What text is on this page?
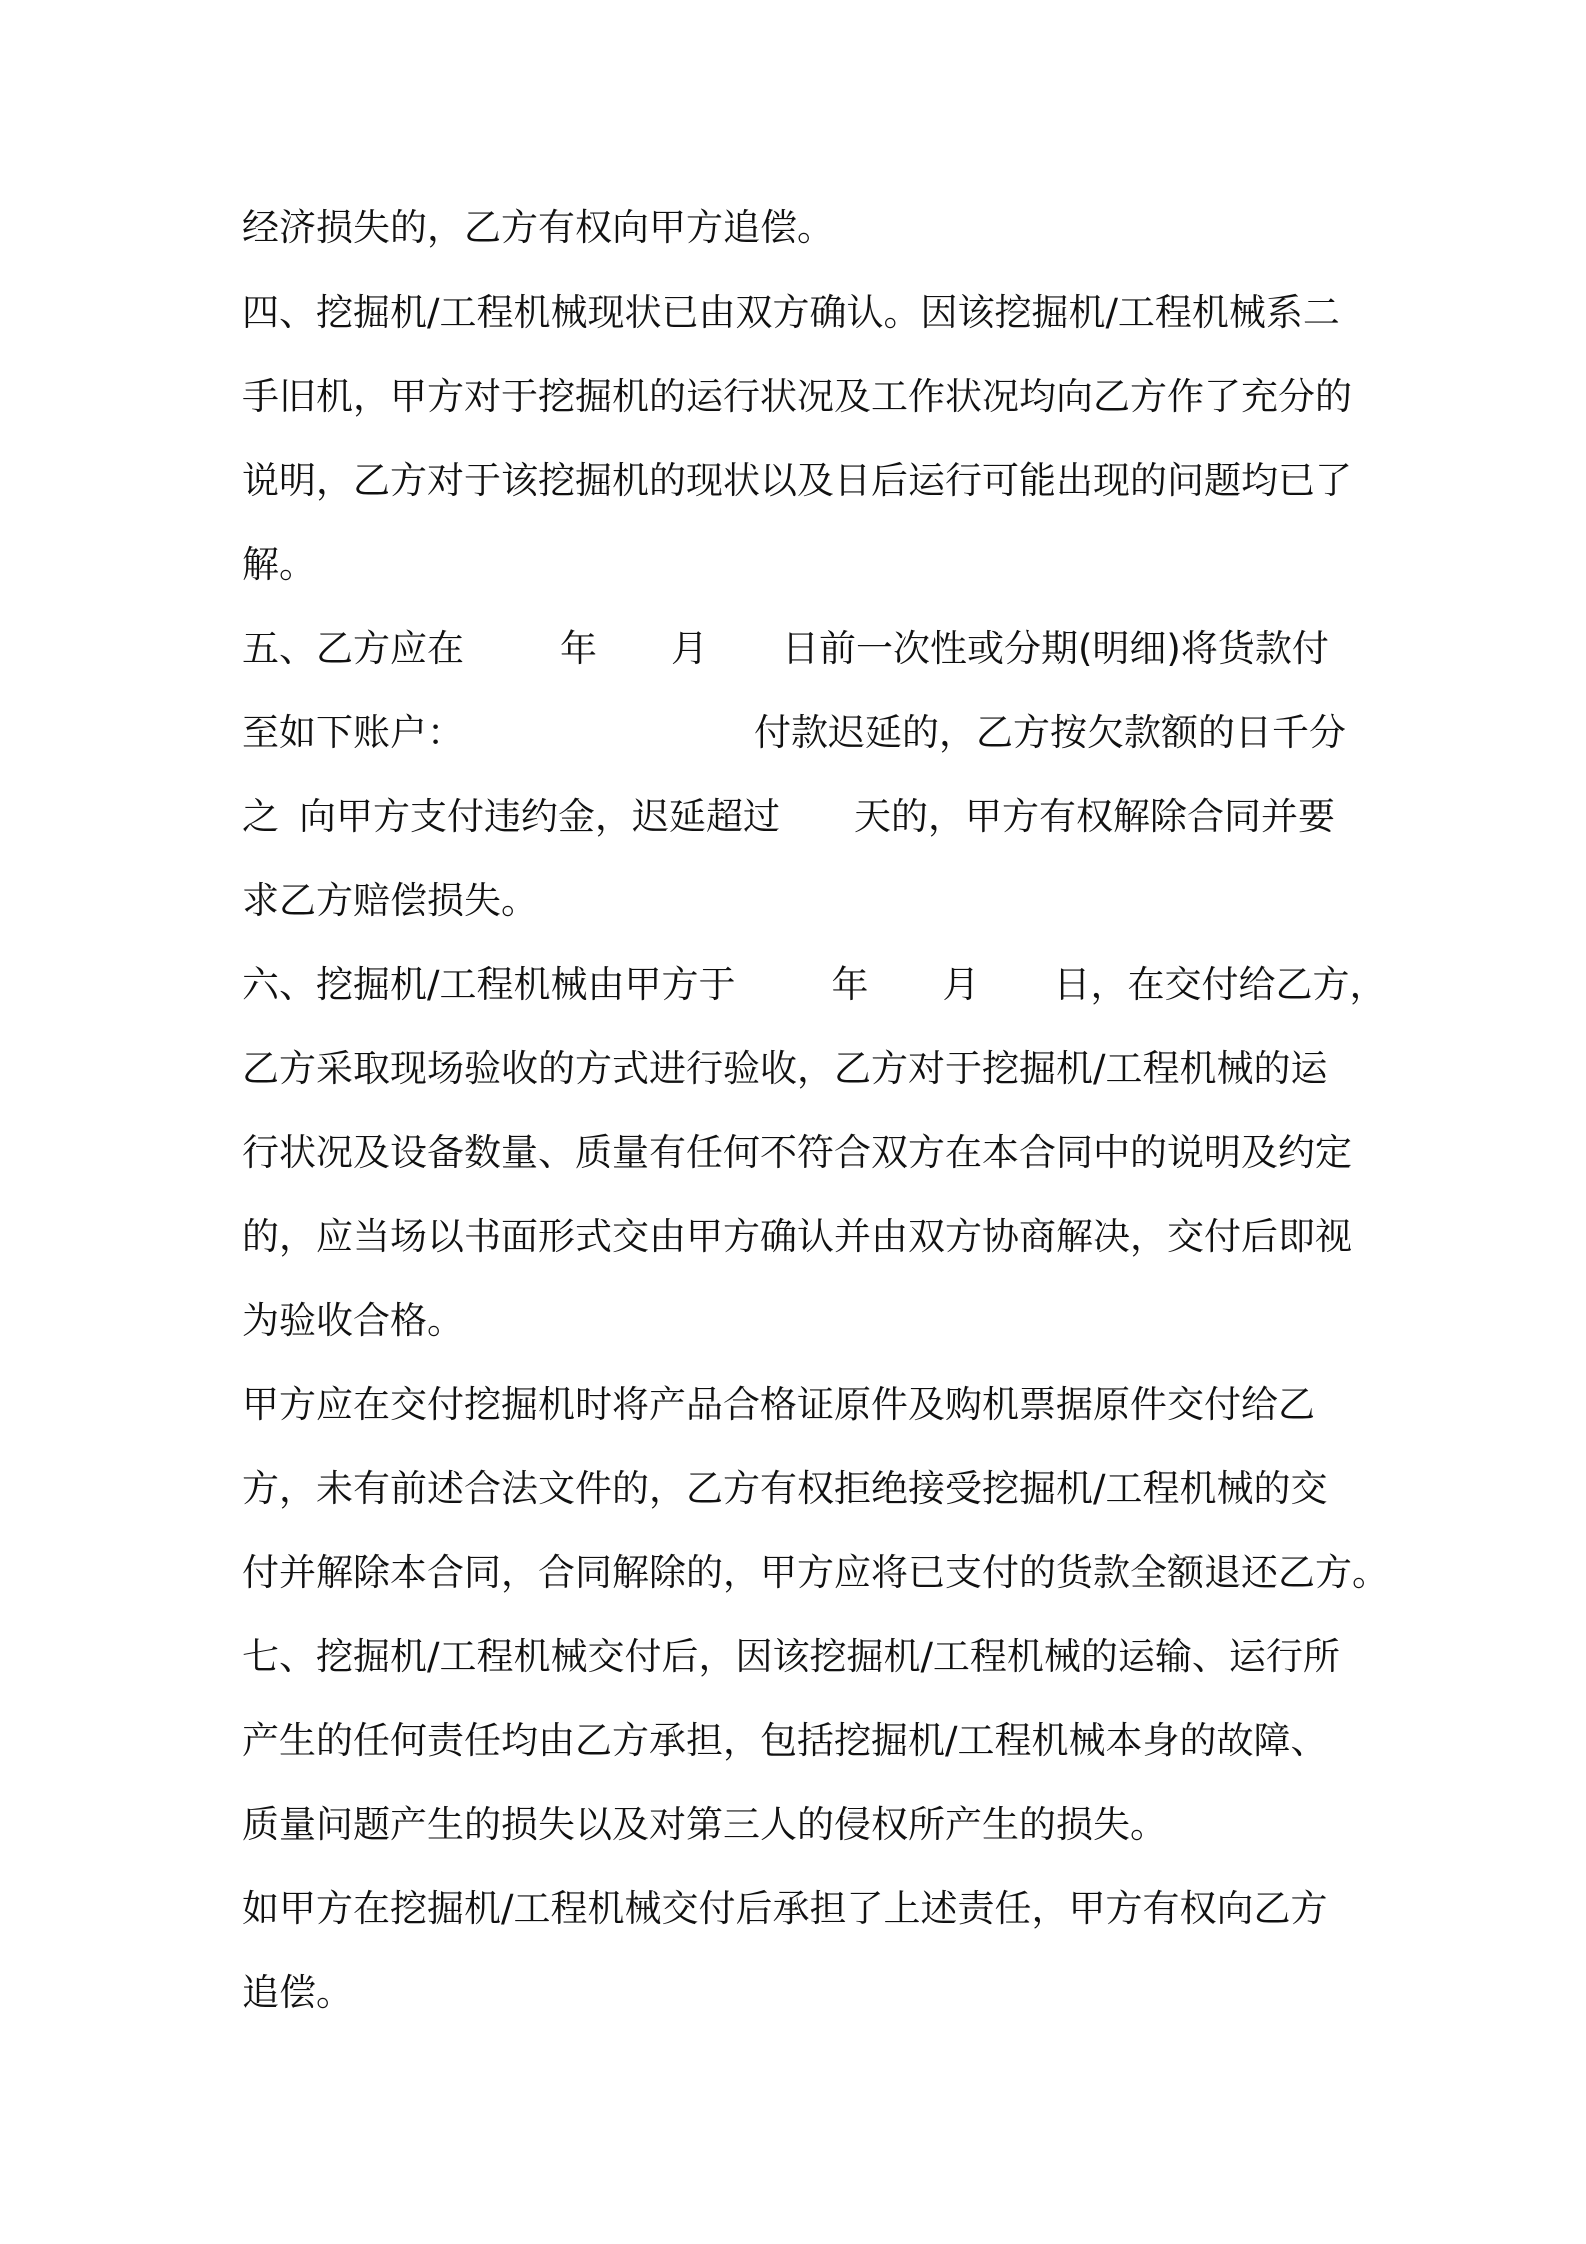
经济损失的，乙方有权向甲方追偿。
四、挖掘机/工程机械现状已由双方确认。因该挖掘机/工程机械系二
手旧机，甲方对于挖掘机的运行状况及工作状况均向乙方作了充分的
说明，乙方对于该挖掘机的现状以及日后运行可能出现的问题均已了
解。
五、乙方应在	年 月 日前一次性或分期(明细)将货款付
至如下账户：	付款迟延的，乙方按欠款额的日千分
之 向甲方支付违约金，迟延超过 天的，甲方有权解除合同并要
求乙方赔偿损失。
六、挖掘机/工程机械由甲方于	年 月 日，在交付给乙方，
乙方采取现场验收的方式进行验收，乙方对于挖掘机/工程机械的运
行状况及设备数量、质量有任何不符合双方在本合同中的说明及约定
的，应当场以书面形式交由甲方确认并由双方协商解决，交付后即视
为验收合格。
甲方应在交付挖掘机时将产品合格证原件及购机票据原件交付给乙
方，未有前述合法文件的，乙方有权拒绝接受挖掘机/工程机械的交
付并解除本合同，合同解除的，甲方应将已支付的货款全额退还乙方。
七、挖掘机/工程机械交付后，因该挖掘机/工程机械的运输、运行所
产生的任何责任均由乙方承担，包括挖掘机/工程机械本身的故障、
质量问题产生的损失以及对第三人的侵权所产生的损失。
如甲方在挖掘机/工程机械交付后承担了上述责任，甲方有权向乙方
追偿。
